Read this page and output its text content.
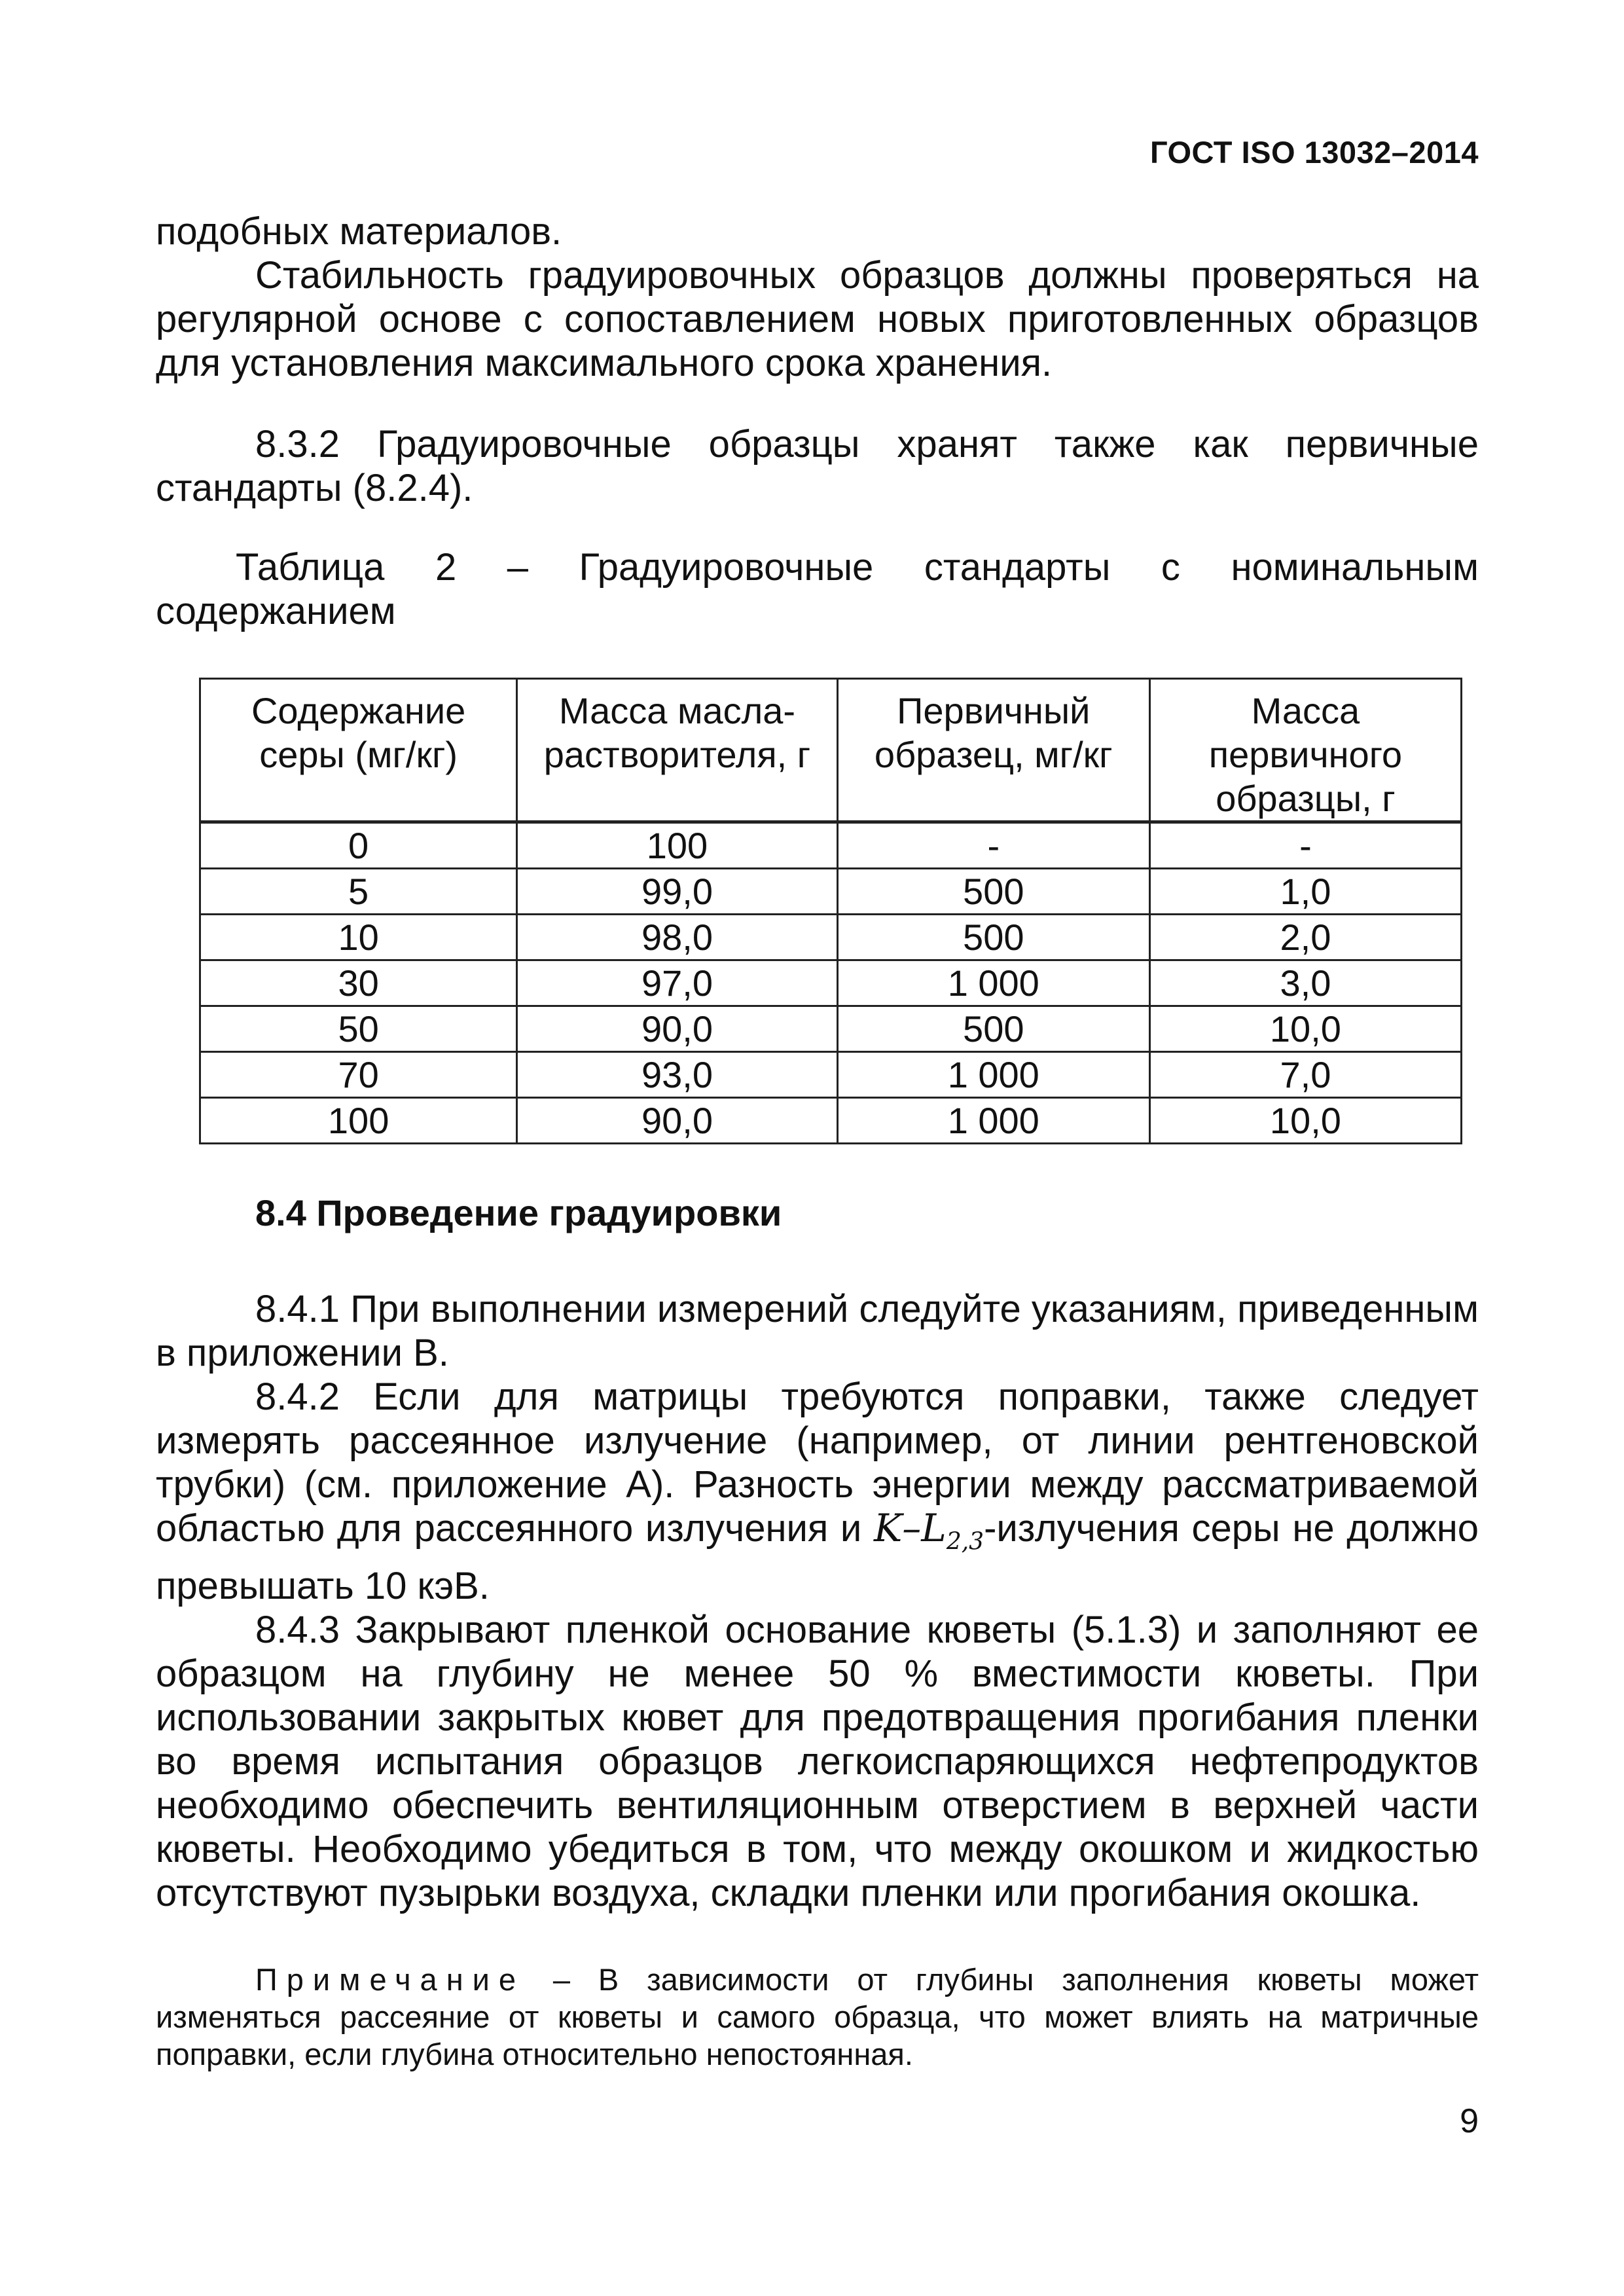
ГОСТ ISO 13032–2014

подобных материалов.

Стабильность градуировочных образцов должны проверяться на регулярной основе с сопоставлением новых приготовленных образцов для установления максимального срока хранения.

8.3.2 Градуировочные образцы хранят также как первичные стандарты (8.2.4).

Таблица 2 – Градуировочные стандарты с номинальным
содержанием
Содержание серы (мг/кг)	Масса масла-растворителя, г	Первичный образец, мг/кг	Масса первичного образцы, г
0	100	-	-
5	99,0	500	1,0
10	98,0	500	2,0
30	97,0	1 000	3,0
50	90,0	500	10,0
70	93,0	1 000	7,0
100	90,0	1 000	10,0
8.4 Проведение градуировки

8.4.1 При выполнении измерений следуйте указаниям, приведенным в приложении В.

8.4.2 Если для матрицы требуются поправки, также следует измерять рассеянное излучение (например, от линии рентгеновской трубки) (см. приложение А). Разность энергии между рассматриваемой областью для рассеянного излучения и $K-L_{2,3}$-излучения серы не должно превышать 10 кэВ.

8.4.3 Закрывают пленкой основание кюветы (5.1.3) и заполняют ее образцом на глубину не менее 50 % вместимости кюветы. При использовании закрытых кювет для предотвращения прогибания пленки во время испытания образцов легкоиспаряющихся нефтепродуктов необходимо обеспечить вентиляционным отверстием в верхней части кюветы. Необходимо убедиться в том, что между окошком и жидкостью отсутствуют пузырьки воздуха, складки пленки или прогибания окошка.

Примечание – В зависимости от глубины заполнения кюветы может изменяться рассеяние от кюветы и самого образца, что может влиять на матричные поправки, если глубина относительно непостоянная.
9
